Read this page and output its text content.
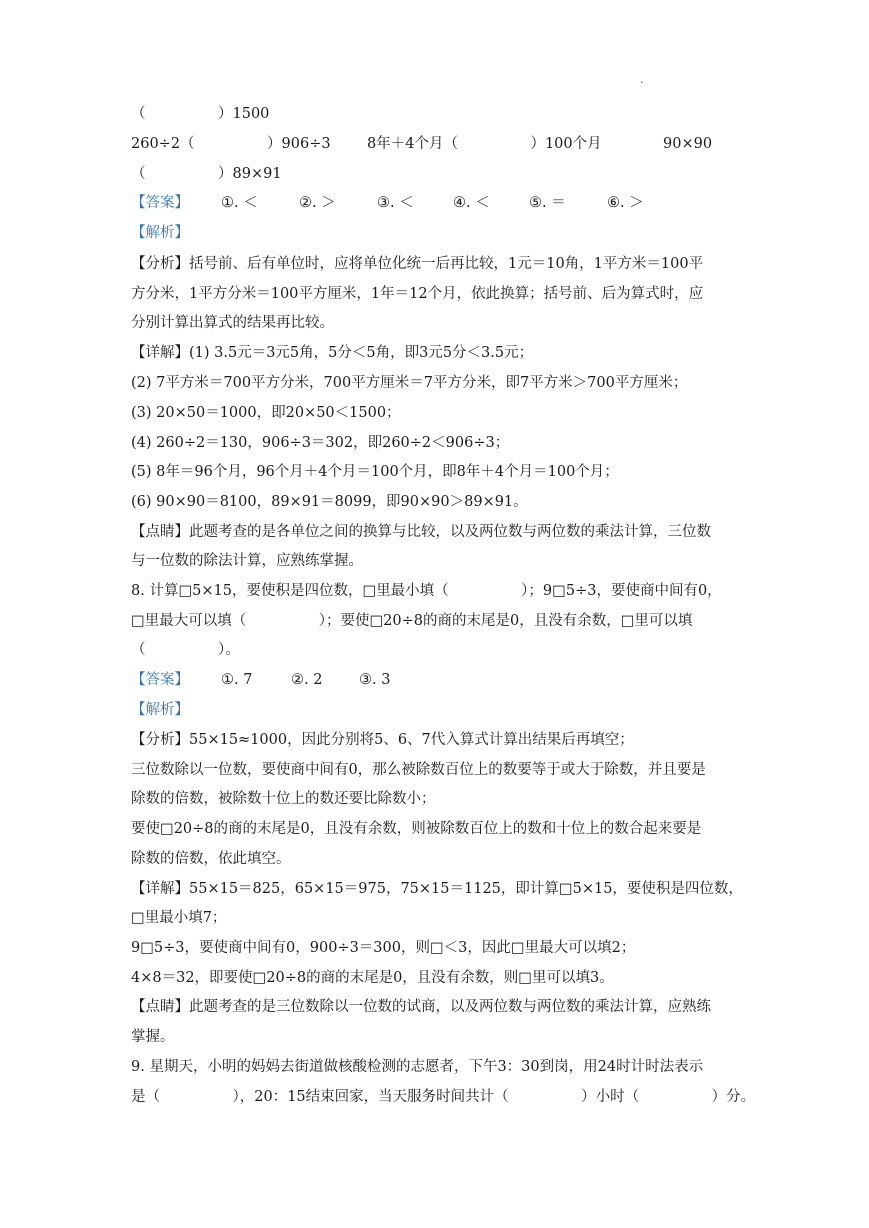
.
（　　　　　）1500
260÷2（　　　　　）906÷3	8年＋4个月（　　　　　）100个月	90×90
（　　　　　）89×91
【答案】 ①. ＜	②. ＞	③. ＜	④. ＜	⑤. ＝	⑥. ＞
【解析】
【分析】括号前、后有单位时，应将单位化统一后再比较，1元＝10角，1平方米＝100平
方分米，1平方分米＝100平方厘米，1年＝12个月，依此换算；括号前、后为算式时，应
分别计算出算式的结果再比较。
【详解】(1) 3.5元＝3元5角，5分＜5角，即3元5分＜3.5元；
(2) 7平方米＝700平方分米，700平方厘米＝7平方分米，即7平方米＞700平方厘米；
(3) 20×50＝1000，即20×50＜1500；
(4) 260÷2＝130，906÷3＝302，即260÷2＜906÷3；
(5) 8年＝96个月，96个月＋4个月＝100个月，即8年＋4个月＝100个月；
(6) 90×90＝8100，89×91＝8099，即90×90＞89×91。
【点睛】此题考查的是各单位之间的换算与比较，以及两位数与两位数的乘法计算，三位数
与一位数的除法计算，应熟练掌握。
8. 计算□5×15，要使积是四位数，□里最小填（　　　　　）；9□5÷3，要使商中间有0，
□里最大可以填（　　　　　）；要使□20÷8的商的末尾是0，且没有余数，□里可以填
（　　　　　）。
【答案】 ①. 7	②. 2	③. 3
【解析】
【分析】55×15≈1000，因此分别将5、6、7代入算式计算出结果后再填空；
三位数除以一位数，要使商中间有0，那么被除数百位上的数要等于或大于除数，并且要是
除数的倍数，被除数十位上的数还要比除数小；
要使□20÷8的商的末尾是0，且没有余数，则被除数百位上的数和十位上的数合起来要是
除数的倍数，依此填空。
【详解】55×15＝825，65×15＝975，75×15＝1125，即计算□5×15，要使积是四位数，
□里最小填7；
9□5÷3，要使商中间有0，900÷3＝300，则□＜3，因此□里最大可以填2；
4×8＝32，即要使□20÷8的商的末尾是0，且没有余数，则□里可以填3。
【点睛】此题考查的是三位数除以一位数的试商，以及两位数与两位数的乘法计算，应熟练
掌握。
9. 星期天，小明的妈妈去街道做核酸检测的志愿者，下午3：30到岗，用24时计时法表示
是（　　　　　），20：15结束回家，当天服务时间共计（　　　　　）小时（　　　　　）分。
